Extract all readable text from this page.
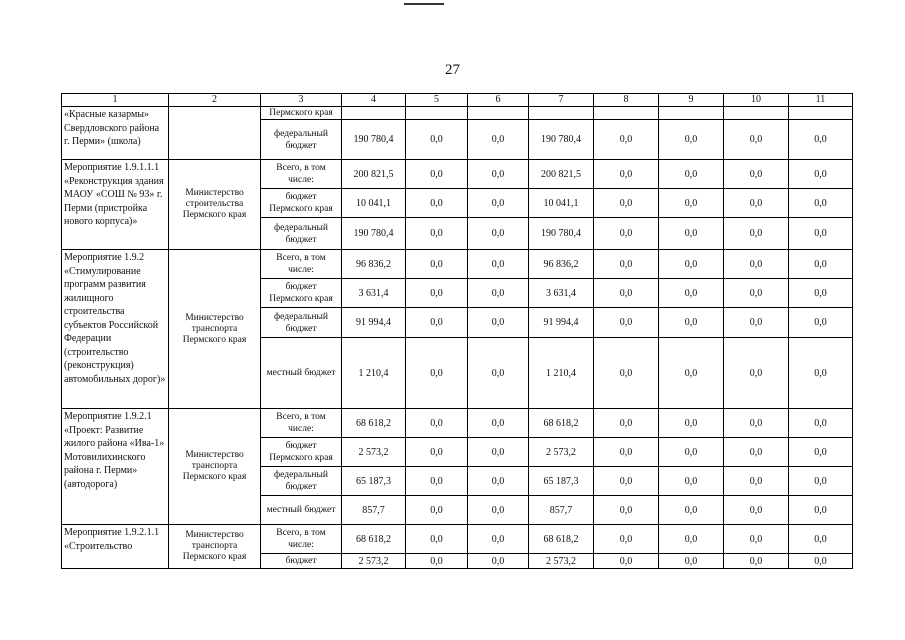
27
1	2	3	4	5	6	7	8	9	10	11
«Красные казармы» Свердловского района г. Перми» (школа)		Пермского края								
		федеральный бюджет	190 780,4	0,0	0,0	190 780,4	0,0	0,0	0,0	0,0
Мероприятие 1.9.1.1.1 «Реконструкция здания МАОУ «СОШ № 93» г. Перми (пристройка нового корпуса)»	Министерство строительства Пермского края	Всего, в том числе:	200 821,5	0,0	0,0	200 821,5	0,0	0,0	0,0	0,0
		бюджет Пермского края	10 041,1	0,0	0,0	10 041,1	0,0	0,0	0,0	0,0
		федеральный бюджет	190 780,4	0,0	0,0	190 780,4	0,0	0,0	0,0	0,0
Мероприятие 1.9.2 «Стимулирование программ развития жилищного строительства субъектов Российской Федерации (строительство (реконструкция) автомобильных дорог)»	Министерство транспорта Пермского края	Всего, в том числе:	96 836,2	0,0	0,0	96 836,2	0,0	0,0	0,0	0,0
		бюджет Пермского края	3 631,4	0,0	0,0	3 631,4	0,0	0,0	0,0	0,0
		федеральный бюджет	91 994,4	0,0	0,0	91 994,4	0,0	0,0	0,0	0,0
		местный бюджет	1 210,4	0,0	0,0	1 210,4	0,0	0,0	0,0	0,0
Мероприятие 1.9.2.1 «Проект: Развитие жилого района «Ива-1» Мотовилихинского района г. Перми» (автодорога)	Министерство транспорта Пермского края	Всего, в том числе:	68 618,2	0,0	0,0	68 618,2	0,0	0,0	0,0	0,0
		бюджет Пермского края	2 573,2	0,0	0,0	2 573,2	0,0	0,0	0,0	0,0
		федеральный бюджет	65 187,3	0,0	0,0	65 187,3	0,0	0,0	0,0	0,0
		местный бюджет	857,7	0,0	0,0	857,7	0,0	0,0	0,0	0,0
Мероприятие 1.9.2.1.1 «Строительство	Министерство транспорта Пермского края	Всего, в том числе:	68 618,2	0,0	0,0	68 618,2	0,0	0,0	0,0	0,0
		бюджет	2 573,2	0,0	0,0	2 573,2	0,0	0,0	0,0	0,0
